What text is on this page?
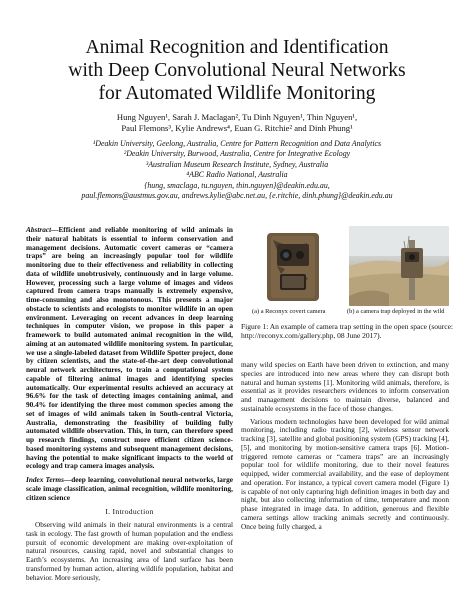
Animal Recognition and Identification
with Deep Convolutional Neural Networks
for Automated Wildlife Monitoring
Hung Nguyen¹, Sarah J. Maclagan², Tu Dinh Nguyen¹, Thin Nguyen¹,
Paul Flemons³, Kylie Andrews⁴, Euan G. Ritchie² and Dinh Phung¹
¹Deakin University, Geelong, Australia, Centre for Pattern Recognition and Data Analytics
²Deakin University, Burwood, Australia, Centre for Integrative Ecology
³Australian Museum Research Institute, Sydney, Australia
⁴ABC Radio National, Australia
{hung, smaclaga, tu.nguyen, thin.nguyen}@deakin.edu.au,
paul.flemons@austmus.gov.au, andrews.kylie@abc.net.au, {e.ritchie, dinh.phung}@deakin.edu.au
Abstract—Efficient and reliable monitoring of wild animals in their natural habitats is essential to inform conservation and management decisions. Automatic covert cameras or “camera traps” are being an increasingly popular tool for wildlife monitoring due to their effectiveness and reliability in collecting data of wildlife unobtrusively, continuously and in large volume. However, processing such a large volume of images and videos captured from camera traps manually is extremely expensive, time-consuming and also monotonous. This presents a major obstacle to scientists and ecologists to monitor wildlife in an open environment. Leveraging on recent advances in deep learning techniques in computer vision, we propose in this paper a framework to build automated animal recognition in the wild, aiming at an automated wildlife monitoring system. In particular, we use a single-labeled dataset from Wildlife Spotter project, done by citizen scientists, and the state-of-the-art deep convolutional neural network architectures, to train a computational system capable of filtering animal images and identifying species automatically. Our experimental results achieved an accuracy at 96.6% for the task of detecting images containing animal, and 90.4% for identifying the three most common species among the set of images of wild animals taken in South-central Victoria, Australia, demonstrating the feasibility of building fully automated wildlife observation. This, in turn, can therefore speed up research findings, construct more efficient citizen science-based monitoring systems and subsequent management decisions, having the potential to make significant impacts to the world of ecology and trap camera images analysis.
Index Terms—deep learning, convolutional neural networks, large scale image classification, animal recognition, wildlife monitoring, citizen science
I. Introduction
Observing wild animals in their natural environments is a central task in ecology. The fast growth of human population and the endless pursuit of economic development are making over-exploitation of natural resources, causing rapid, novel and substantial changes to Earth’s ecosystems. An increasing area of land surface has been transformed by human action, altering wildlife population, habitat and behavior. More seriously,
(a) a Reconyx covert camera	(b) a camera trap deployed in the wild
Figure 1: An example of camera trap setting in the open space (source: http://reconyx.com/gallery.php, 08 June 2017).
many wild species on Earth have been driven to extinction, and many species are introduced into new areas where they can disrupt both natural and human systems [1]. Monitoring wild animals, therefore, is essential as it provides researchers evidences to inform conservation and management decisions to maintain diverse, balanced and sustainable ecosystems in the face of those changes.
Various modern technologies have been developed for wild animal monitoring, including radio tracking [2], wireless sensor network tracking [3], satellite and global positioning system (GPS) tracking [4], [5], and monitoring by motion-sensitive camera traps [6]. Motion-triggered remote cameras or “camera traps” are an increasingly popular tool for wildlife monitoring, due to their novel features equipped, wider commercial availability, and the ease of deployment and operation. For instance, a typical covert camera model (Figure 1) is capable of not only capturing high definition images in both day and night, but also collecting information of time, temperature and moon phase integrated in image data. In addition, generous and flexible camera settings allow tracking animals secretly and continuously. Once being fully charged, a
